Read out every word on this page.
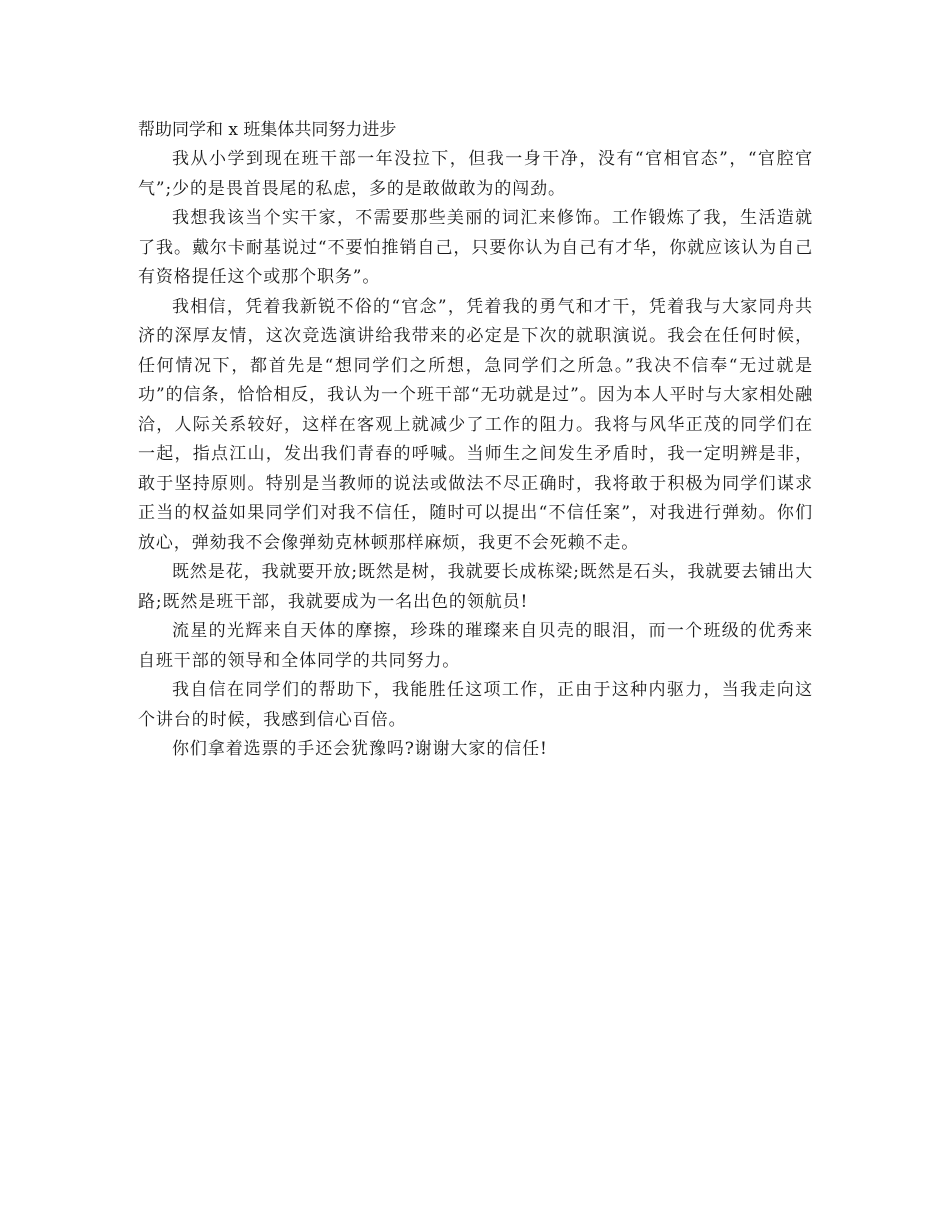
帮助同学和 x 班集体共同努力进步

我从小学到现在班干部一年没拉下，但我一身干净，没有“官相官态”，“官腔官气”;少的是畏首畏尾的私虑，多的是敢做敢为的闯劲。

我想我该当个实干家，不需要那些美丽的词汇来修饰。工作锻炼了我，生活造就了我。戴尔卡耐基说过“不要怕推销自己，只要你认为自己有才华，你就应该认为自己有资格提任这个或那个职务”。

我相信，凭着我新锐不俗的“官念”，凭着我的勇气和才干，凭着我与大家同舟共济的深厚友情，这次竞选演讲给我带来的必定是下次的就职演说。我会在任何时候，任何情况下，都首先是“想同学们之所想，急同学们之所急。”我决不信奉“无过就是功”的信条，恰恰相反，我认为一个班干部“无功就是过”。因为本人平时与大家相处融洽，人际关系较好，这样在客观上就减少了工作的阻力。我将与风华正茂的同学们在一起，指点江山，发出我们青春的呼喊。当师生之间发生矛盾时，我一定明辨是非，敢于坚持原则。特别是当教师的说法或做法不尽正确时，我将敢于积极为同学们谋求正当的权益如果同学们对我不信任，随时可以提出“不信任案”，对我进行弹劾。你们放心，弹劾我不会像弹劾克林顿那样麻烦，我更不会死赖不走。

既然是花，我就要开放;既然是树，我就要长成栋梁;既然是石头，我就要去铺出大路;既然是班干部，我就要成为一名出色的领航员!

流星的光辉来自天体的摩擦，珍珠的璀璨来自贝壳的眼泪，而一个班级的优秀来自班干部的领导和全体同学的共同努力。

我自信在同学们的帮助下，我能胜任这项工作，正由于这种内驱力，当我走向这个讲台的时候，我感到信心百倍。

你们拿着选票的手还会犹豫吗?谢谢大家的信任!
